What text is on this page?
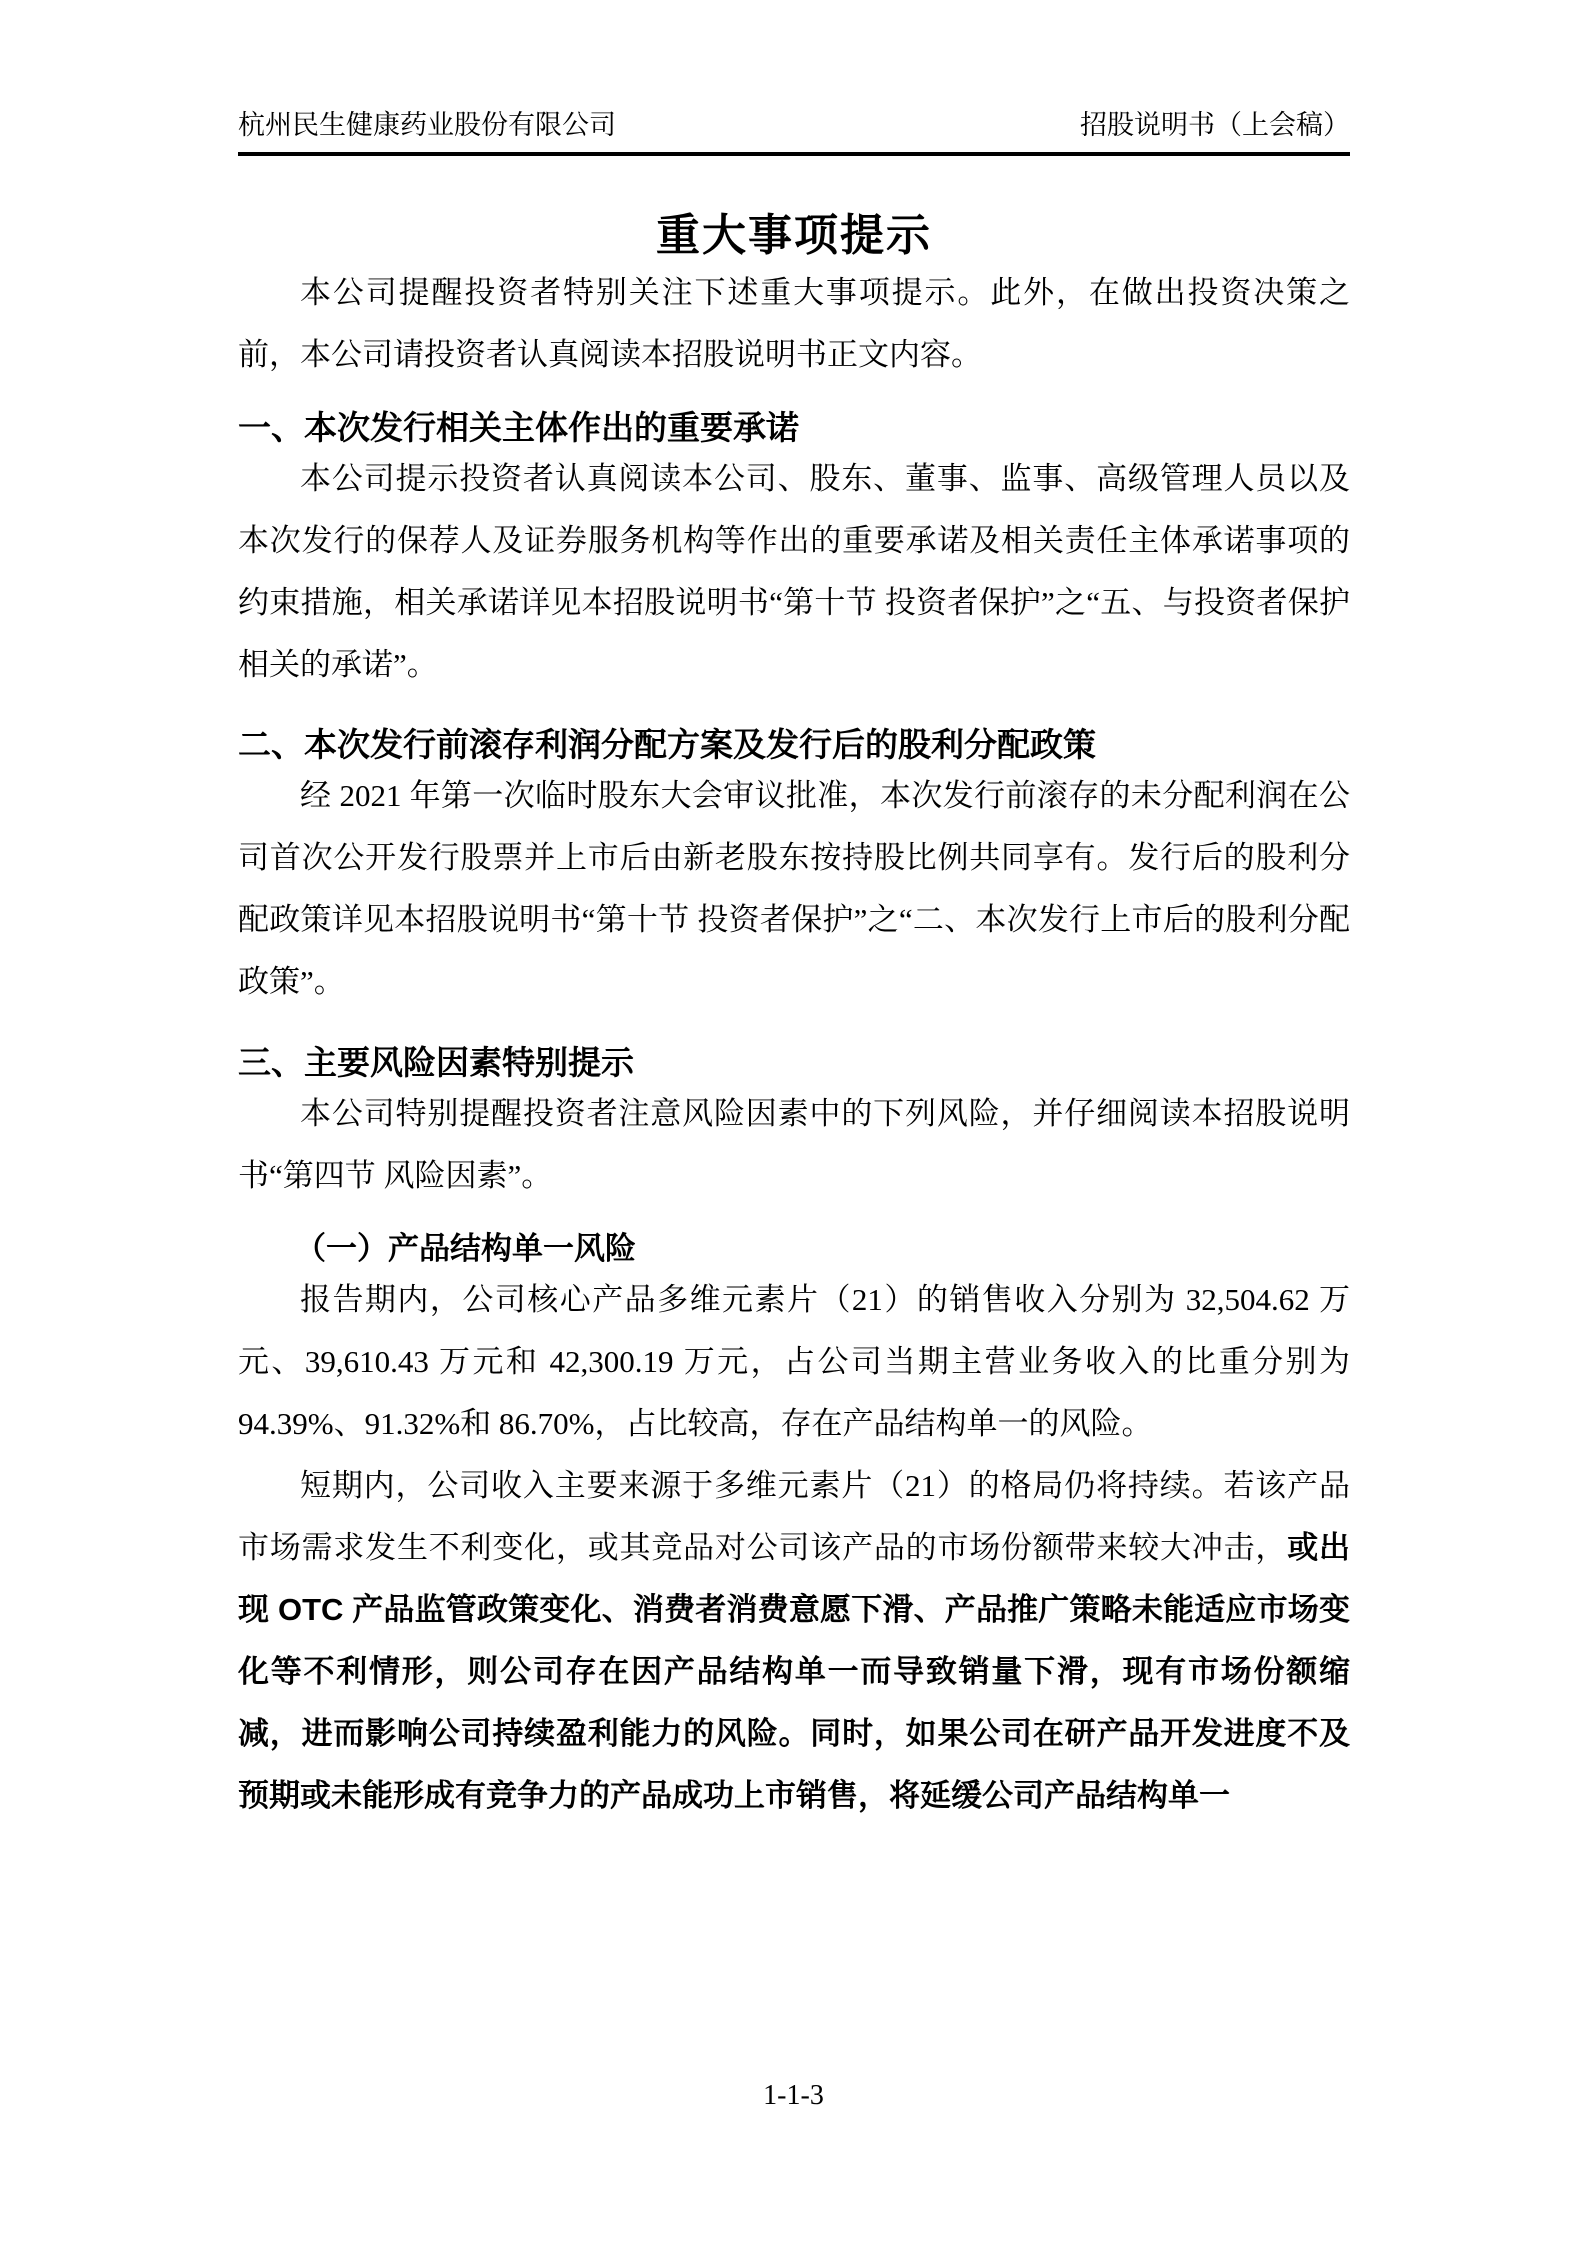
杭州民生健康药业股份有限公司	招股说明书（上会稿）
重大事项提示

本公司提醒投资者特别关注下述重大事项提示。此外，在做出投资决策之前，本公司请投资者认真阅读本招股说明书正文内容。

一、本次发行相关主体作出的重要承诺

本公司提示投资者认真阅读本公司、股东、董事、监事、高级管理人员以及本次发行的保荐人及证券服务机构等作出的重要承诺及相关责任主体承诺事项的约束措施，相关承诺详见本招股说明书“第十节 投资者保护”之“五、与投资者保护相关的承诺”。

二、本次发行前滚存利润分配方案及发行后的股利分配政策

经 2021 年第一次临时股东大会审议批准，本次发行前滚存的未分配利润在公司首次公开发行股票并上市后由新老股东按持股比例共同享有。发行后的股利分配政策详见本招股说明书“第十节 投资者保护”之“二、本次发行上市后的股利分配政策”。

三、主要风险因素特别提示

本公司特别提醒投资者注意风险因素中的下列风险，并仔细阅读本招股说明书“第四节 风险因素”。

（一）产品结构单一风险

报告期内，公司核心产品多维元素片（21）的销售收入分别为 32,504.62 万元、39,610.43 万元和 42,300.19 万元，占公司当期主营业务收入的比重分别为 94.39%、91.32%和 86.70%，占比较高，存在产品结构单一的风险。

短期内，公司收入主要来源于多维元素片（21）的格局仍将持续。若该产品市场需求发生不利变化，或其竞品对公司该产品的市场份额带来较大冲击，或出现 OTC 产品监管政策变化、消费者消费意愿下滑、产品推广策略未能适应市场变化等不利情形，则公司存在因产品结构单一而导致销量下滑，现有市场份额缩减，进而影响公司持续盈利能力的风险。同时，如果公司在研产品开发进度不及预期或未能形成有竞争力的产品成功上市销售，将延缓公司产品结构单一

1-1-3
